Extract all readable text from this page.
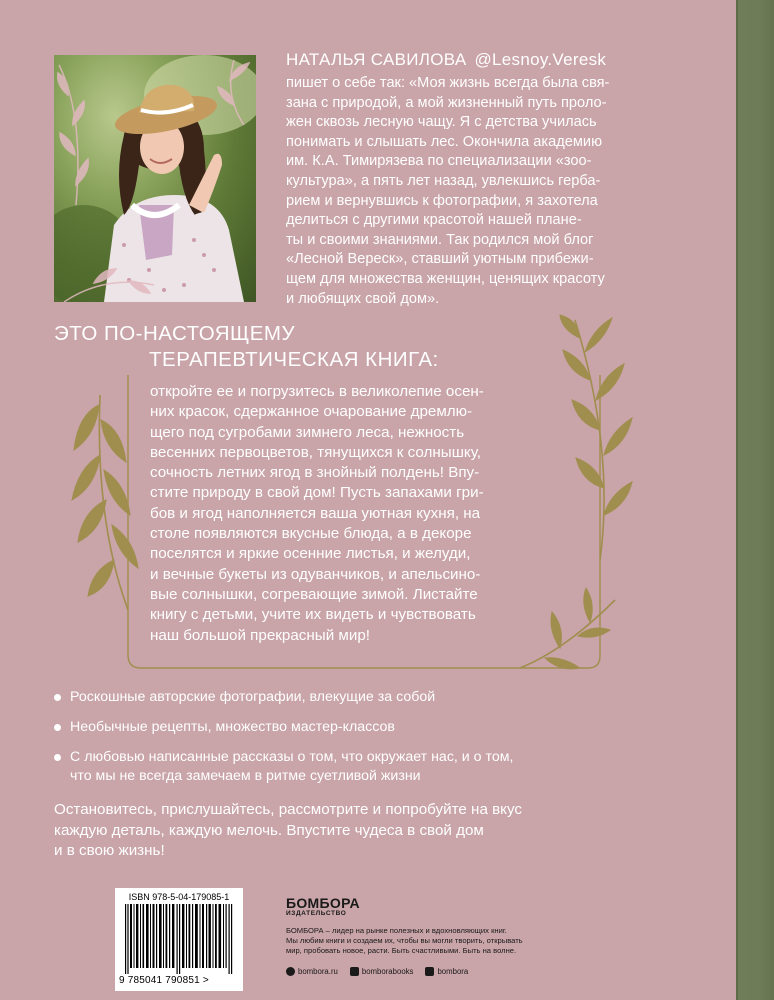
НАТАЛЬЯ САВИЛОВА @Lesnoy.Veresk
пишет о себе так: «Моя жизнь всегда была свя-
зана с природой, а мой жизненный путь проло-
жен сквозь лесную чащу. Я с детства училась
понимать и слышать лес. Окончила академию
им. К.А. Тимирязева по специализации «зоо-
культура», а пять лет назад, увлекшись герба-
рием и вернувшись к фотографии, я захотела
делиться с другими красотой нашей плане-
ты и своими знаниями. Так родился мой блог
«Лесной Вереск», ставший уютным прибежи-
щем для множества женщин, ценящих красоту
и любящих свой дом».
ЭТО ПО-НАСТОЯЩЕМУ
ТЕРАПЕВТИЧЕСКАЯ КНИГА:
откройте ее и погрузитесь в великолепие осен-
них красок, сдержанное очарование дремлю-
щего под сугробами зимнего леса, нежность
весенних первоцветов, тянущихся к солнышку,
сочность летних ягод в знойный полдень! Впу-
стите природу в свой дом! Пусть запахами гри-
бов и ягод наполняется ваша уютная кухня, на
столе появляются вкусные блюда, а в декоре
поселятся и яркие осенние листья, и желуди,
и вечные букеты из одуванчиков, и апельсино-
вые солнышки, согревающие зимой. Листайте
книгу с детьми, учите их видеть и чувствовать
наш большой прекрасный мир!
Роскошные авторские фотографии, влекущие за собой
Необычные рецепты, множество мастер-классов
С любовью написанные рассказы о том, что окружает нас, и о том,
что мы не всегда замечаем в ритме суетливой жизни
Остановитесь, прислушайтесь, рассмотрите и попробуйте на вкус
каждую деталь, каждую мелочь. Впустите чудеса в свой дом
и в свою жизнь!
ISBN 978-5-04-179085-1
9 785041 790851 >
БОМБОРА
ИЗДАТЕЛЬСТВО
БОМБОРА – лидер на рынке полезных и вдохновляющих книг.
Мы любим книги и создаем их, чтобы вы могли творить, открывать
мир, пробовать новое, расти. Быть счастливыми. Быть на волне.
bombora.ru	bomborabooks	bombora
